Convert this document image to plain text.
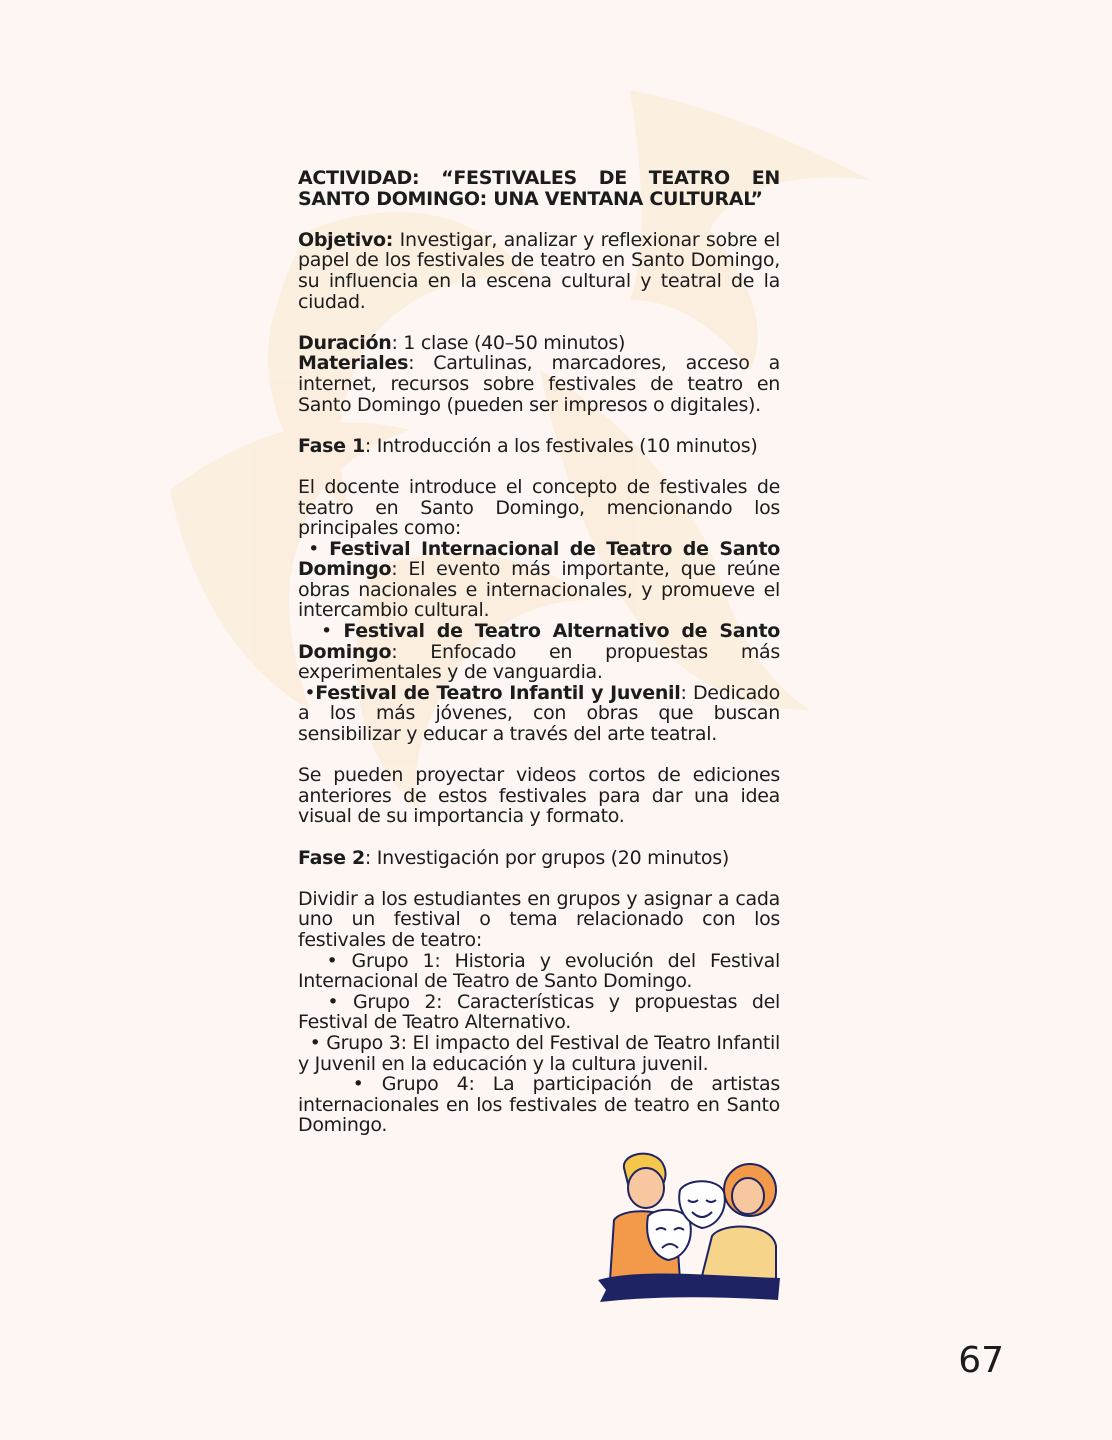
ACTIVIDAD: “FESTIVALES DE TEATRO EN SANTO DOMINGO: UNA VENTANA CULTURAL”

Objetivo: Investigar, analizar y reflexionar sobre el papel de los festivales de teatro en Santo Domingo, su influencia en la escena cultural y teatral de la ciudad.

Duración: 1 clase (40–50 minutos)

Materiales: Cartulinas, marcadores, acceso a internet, recursos sobre festivales de teatro en Santo Domingo (pueden ser impresos o digitales).

Fase 1: Introducción a los festivales (10 minutos)

El docente introduce el concepto de festivales de teatro en Santo Domingo, mencionando los principales como:

• Festival Internacional de Teatro de Santo Domingo: El evento más importante, que reúne obras nacionales e internacionales, y promueve el intercambio cultural.

• Festival de Teatro Alternativo de Santo Domingo: Enfocado en propuestas más experimentales y de vanguardia.

•Festival de Teatro Infantil y Juvenil: Dedicado a los más jóvenes, con obras que buscan sensibilizar y educar a través del arte teatral.

Se pueden proyectar videos cortos de ediciones anteriores de estos festivales para dar una idea visual de su importancia y formato.

Fase 2: Investigación por grupos (20 minutos)

Dividir a los estudiantes en grupos y asignar a cada uno un festival o tema relacionado con los festivales de teatro:

• Grupo 1: Historia y evolución del Festival Internacional de Teatro de Santo Domingo.

• Grupo 2: Características y propuestas del Festival de Teatro Alternativo.

• Grupo 3: El impacto del Festival de Teatro Infantil y Juvenil en la educación y la cultura juvenil.

• Grupo 4: La participación de artistas internacionales en los festivales de teatro en Santo Domingo.

67
